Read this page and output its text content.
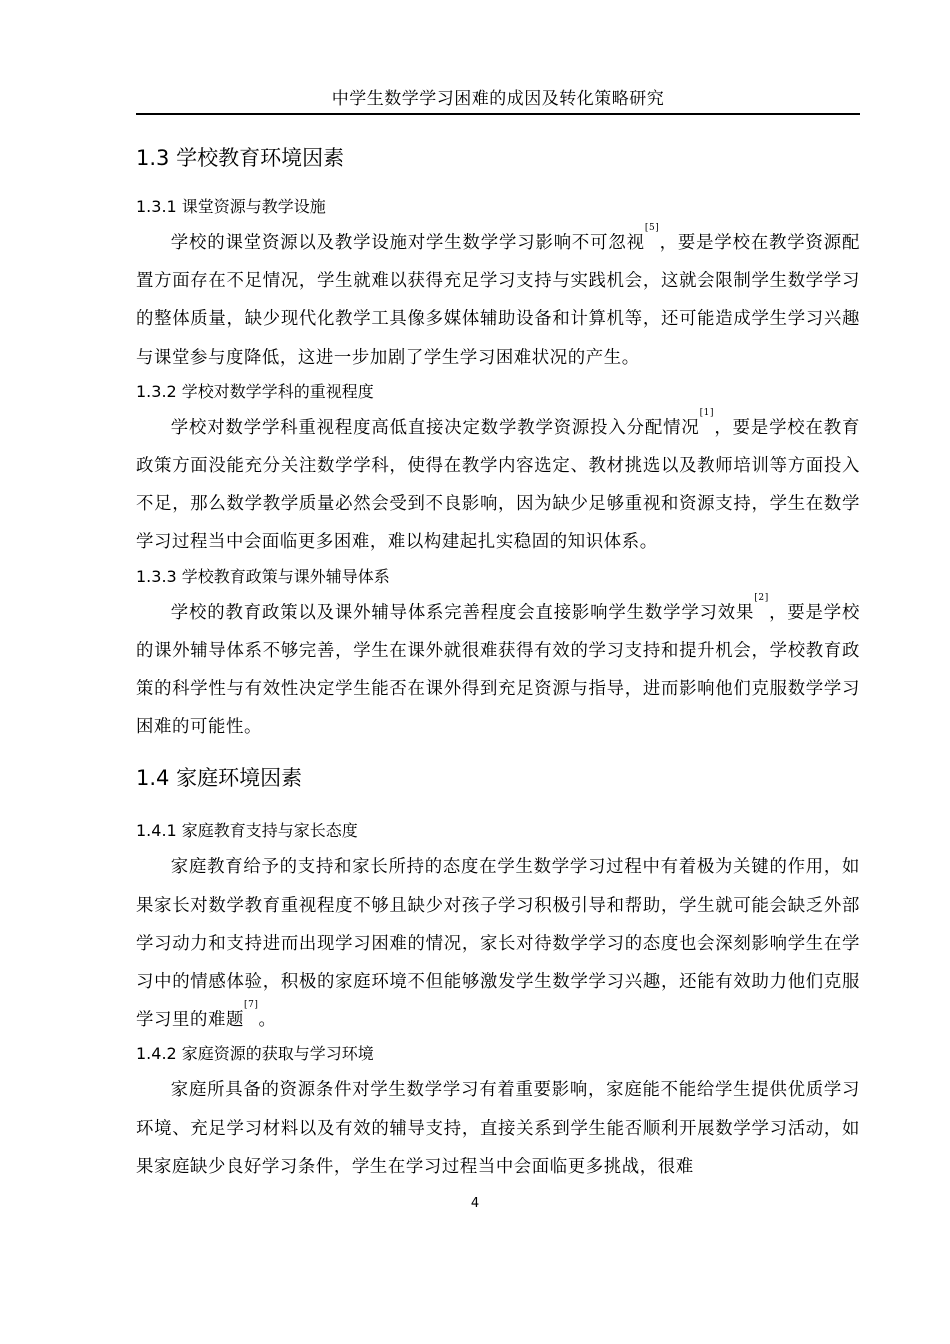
中学生数学学习困难的成因及转化策略研究
1.3 学校教育环境因素
1.3.1 课堂资源与教学设施

学校的课堂资源以及教学设施对学生数学学习影响不可忽视[5]，要是学校在教学资源配置方面存在不足情况，学生就难以获得充足学习支持与实践机会，这就会限制学生数学学习的整体质量，缺少现代化教学工具像多媒体辅助设备和计算机等，还可能造成学生学习兴趣与课堂参与度降低，这进一步加剧了学生学习困难状况的产生。

1.3.2 学校对数学学科的重视程度

学校对数学学科重视程度高低直接决定数学教学资源投入分配情况[1]，要是学校在教育政策方面没能充分关注数学学科，使得在教学内容选定、教材挑选以及教师培训等方面投入不足，那么数学教学质量必然会受到不良影响，因为缺少足够重视和资源支持，学生在数学学习过程当中会面临更多困难，难以构建起扎实稳固的知识体系。

1.3.3 学校教育政策与课外辅导体系

学校的教育政策以及课外辅导体系完善程度会直接影响学生数学学习效果[2]，要是学校的课外辅导体系不够完善，学生在课外就很难获得有效的学习支持和提升机会，学校教育政策的科学性与有效性决定学生能否在课外得到充足资源与指导，进而影响他们克服数学学习困难的可能性。

1.4 家庭环境因素
1.4.1 家庭教育支持与家长态度

家庭教育给予的支持和家长所持的态度在学生数学学习过程中有着极为关键的作用，如果家长对数学教育重视程度不够且缺少对孩子学习积极引导和帮助，学生就可能会缺乏外部学习动力和支持进而出现学习困难的情况，家长对待数学学习的态度也会深刻影响学生在学习中的情感体验，积极的家庭环境不但能够激发学生数学学习兴趣，还能有效助力他们克服学习里的难题[7]。

1.4.2 家庭资源的获取与学习环境

家庭所具备的资源条件对学生数学学习有着重要影响，家庭能不能给学生提供优质学习环境、充足学习材料以及有效的辅导支持，直接关系到学生能否顺利开展数学学习活动，如果家庭缺少良好学习条件，学生在学习过程当中会面临更多挑战，很难

4
